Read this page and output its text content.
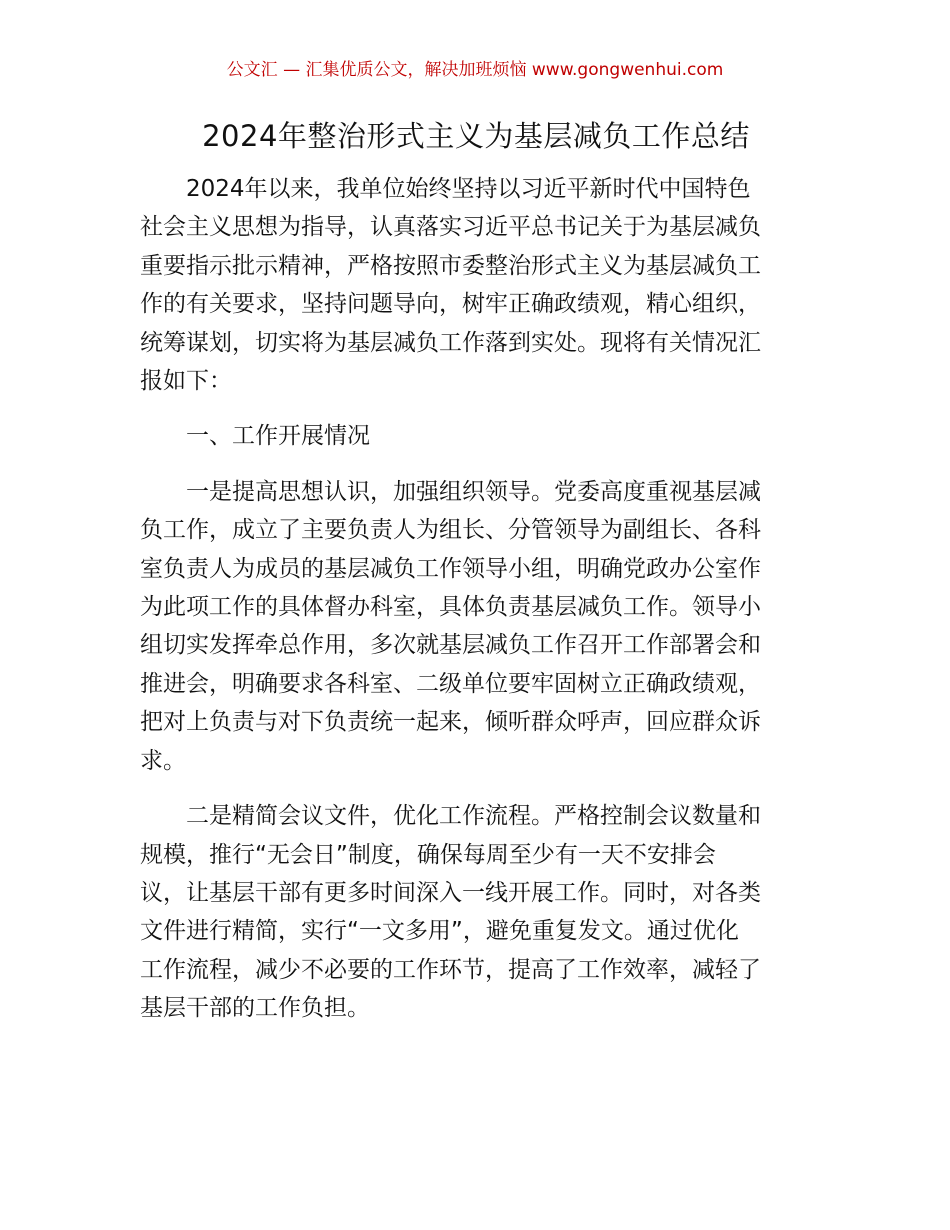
公文汇 — 汇集优质公文，解决加班烦恼 www.gongwenhui.com
2024年整治形式主义为基层减负工作总结

2024年以来，我单位始终坚持以习近平新时代中国特色
社会主义思想为指导，认真落实习近平总书记关于为基层减负
重要指示批示精神，严格按照市委整治形式主义为基层减负工
作的有关要求，坚持问题导向，树牢正确政绩观，精心组织，
统筹谋划，切实将为基层减负工作落到实处。现将有关情况汇
报如下：

一、工作开展情况

一是提高思想认识，加强组织领导。党委高度重视基层减
负工作，成立了主要负责人为组长、分管领导为副组长、各科
室负责人为成员的基层减负工作领导小组，明确党政办公室作
为此项工作的具体督办科室，具体负责基层减负工作。领导小
组切实发挥牵总作用，多次就基层减负工作召开工作部署会和
推进会，明确要求各科室、二级单位要牢固树立正确政绩观，
把对上负责与对下负责统一起来，倾听群众呼声，回应群众诉
求。

二是精简会议文件，优化工作流程。严格控制会议数量和
规模，推行“无会日”制度，确保每周至少有一天不安排会
议，让基层干部有更多时间深入一线开展工作。同时，对各类
文件进行精简，实行“一文多用”，避免重复发文。通过优化
工作流程，减少不必要的工作环节，提高了工作效率，减轻了
基层干部的工作负担。
